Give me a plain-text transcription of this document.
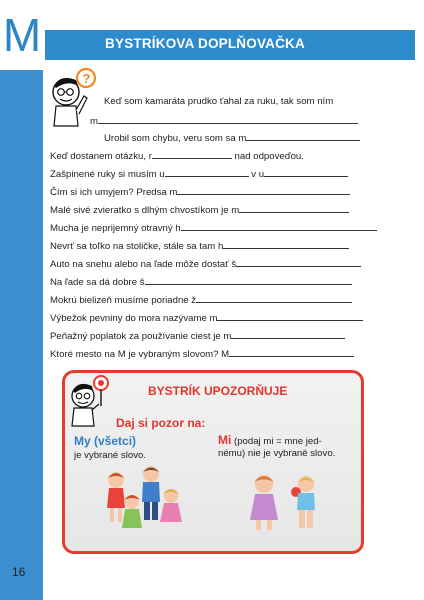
M
16
BYSTRÍKOVA DOPLŇOVAČKA
?
Keď som kamaráta prudko ťahal za ruku, tak som ním
m
Urobil som chybu, veru som sa m
Keď dostanem otázku, r	nad odpoveďou.
Zašpinené ruky si musím u	v u
Čím si ich umyjem? Predsa m
Malé sivé zvieratko s dlhým chvostíkom je m
Mucha je neprijemný otravný h
Nevrť sa toľko na stoličke, stále sa tam h
Auto na snehu alebo na ľade môže dostať š
Na ľade sa dá dobre š
Mokrú bielizeň musíme poriadne ž
Výbežok pevniny do mora nazývame m
Peňažný poplatok za používanie ciest je m
Ktoré mesto na M je vybraným slovom? M
BYSTRÍK UPOZORŇUJE
Daj si pozor na:
My (všetci)
je vybrané slovo.
Mi (podaj mi = mne jed-
nému) nie je vybrané slovo.
